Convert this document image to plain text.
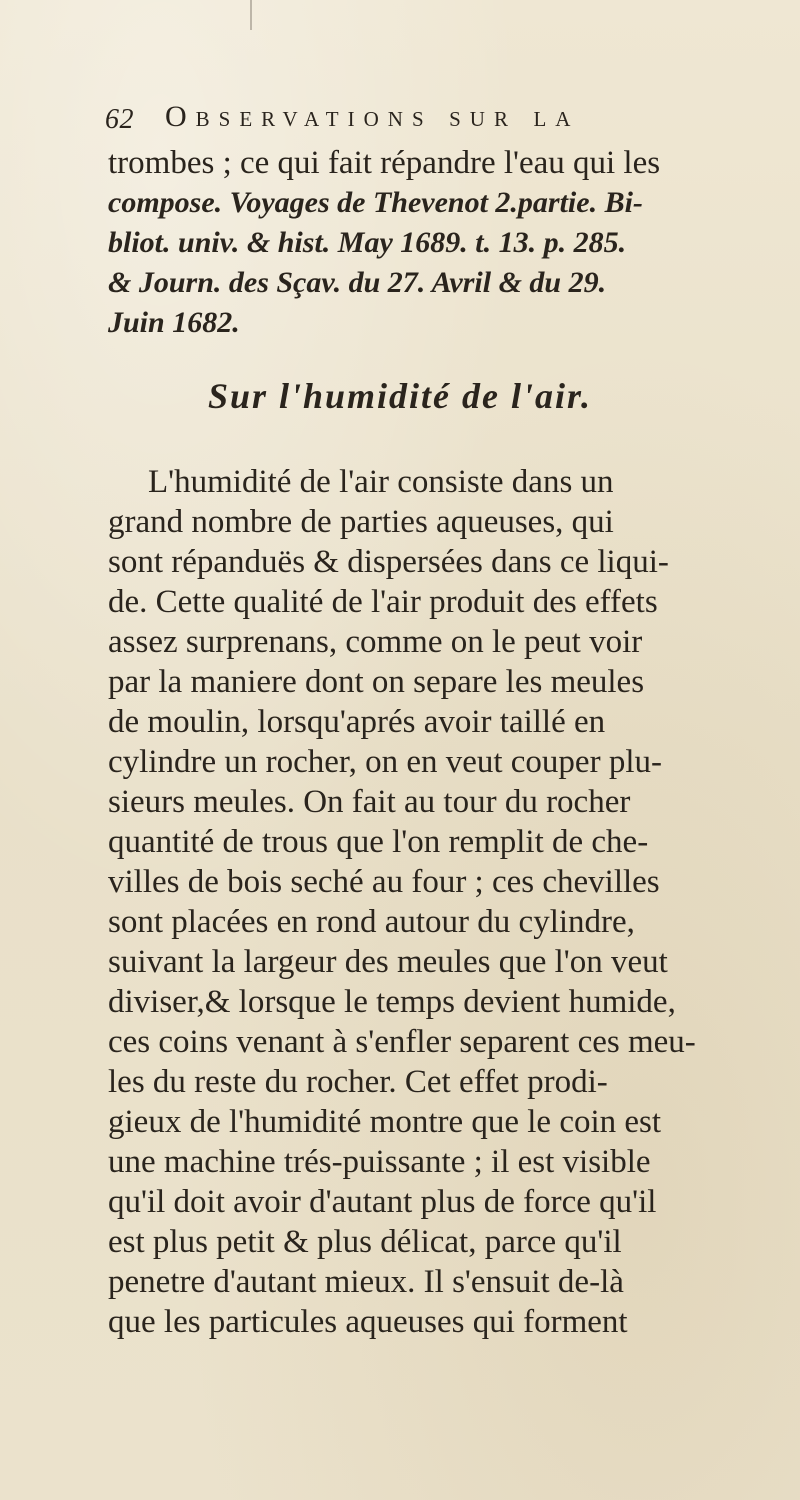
62 Observations sur la
trombes ; ce qui fait répandre l'eau qui les
compose. Voyages de Thevenot 2.partie. Bi-
bliot. univ. & hist. May 1689. t. 13. p. 285.
& Journ. des Sçav. du 27. Avril & du 29.
Juin 1682.
Sur l'humidité de l'air.
L'humidité de l'air consiste dans un
grand nombre de parties aqueuses, qui
sont répanduës & dispersées dans ce liqui-
de. Cette qualité de l'air produit des effets
assez surprenans, comme on le peut voir
par la maniere dont on separe les meules
de moulin, lorsqu'aprés avoir taillé en
cylindre un rocher, on en veut couper plu-
sieurs meules. On fait au tour du rocher
quantité de trous que l'on remplit de che-
villes de bois seché au four ; ces chevilles
sont placées en rond autour du cylindre,
suivant la largeur des meules que l'on veut
diviser,& lorsque le temps devient humide,
ces coins venant à s'enfler separent ces meu-
les du reste du rocher. Cet effet prodi-
gieux de l'humidité montre que le coin est
une machine trés-puissante ; il est visible
qu'il doit avoir d'autant plus de force qu'il
est plus petit & plus délicat, parce qu'il
penetre d'autant mieux. Il s'ensuit de-là
que les particules aqueuses qui forment
